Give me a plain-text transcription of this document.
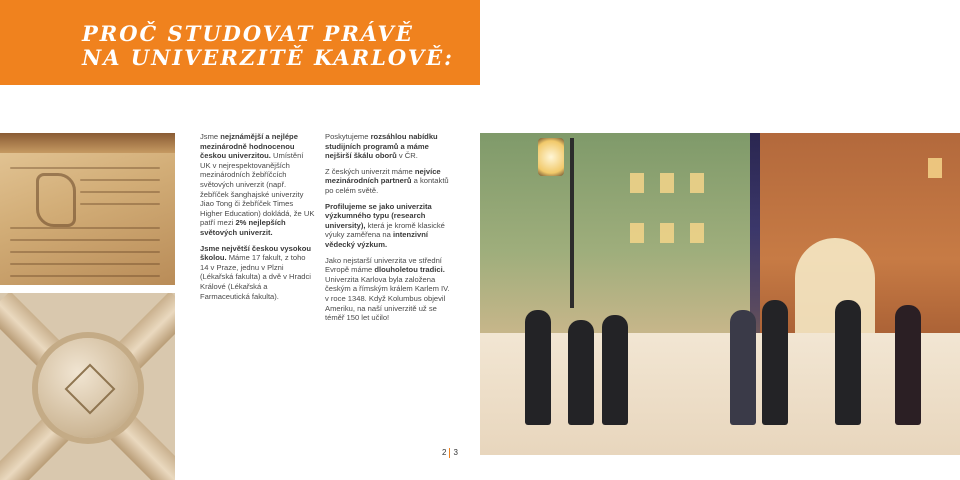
PROČ STUDOVAT PRÁVĚ
NA UNIVERZITĚ KARLOVĚ:

Jsme nejznámější a nejlépe mezinárodně hodnocenou českou univerzitou. Umístění UK v nejrespektovanějších mezinárodních žebříčcích světových univerzit (např. žebříček šanghajské univerzity Jiao Tong či žebříček Times Higher Education) dokládá, že UK patří mezi 2% nejlepších světových univerzit.

Jsme největší českou vysokou školou. Máme 17 fakult, z toho 14 v Praze, jednu v Plzni (Lékařská fakulta) a dvě v Hradci Králové (Lékařská a Farmaceutická fakulta).

Poskytujeme rozsáhlou nabídku studijních programů a máme nejširší škálu oborů v ČR.

Z českých univerzit máme nejvíce mezinárodních partnerů a kontaktů po celém světě.

Profilujeme se jako univerzita výzkumného typu (research university), která je kromě klasické výuky zaměřena na intenzivní vědecký výzkum.

Jako nejstarší univerzita ve střední Evropě máme dlouholetou tradici. Univerzita Karlova byla založena českým a římským králem Karlem IV. v roce 1348. Když Kolumbus objevil Ameriku, na naší univerzitě už se téměř 150 let učilo!

2 3
